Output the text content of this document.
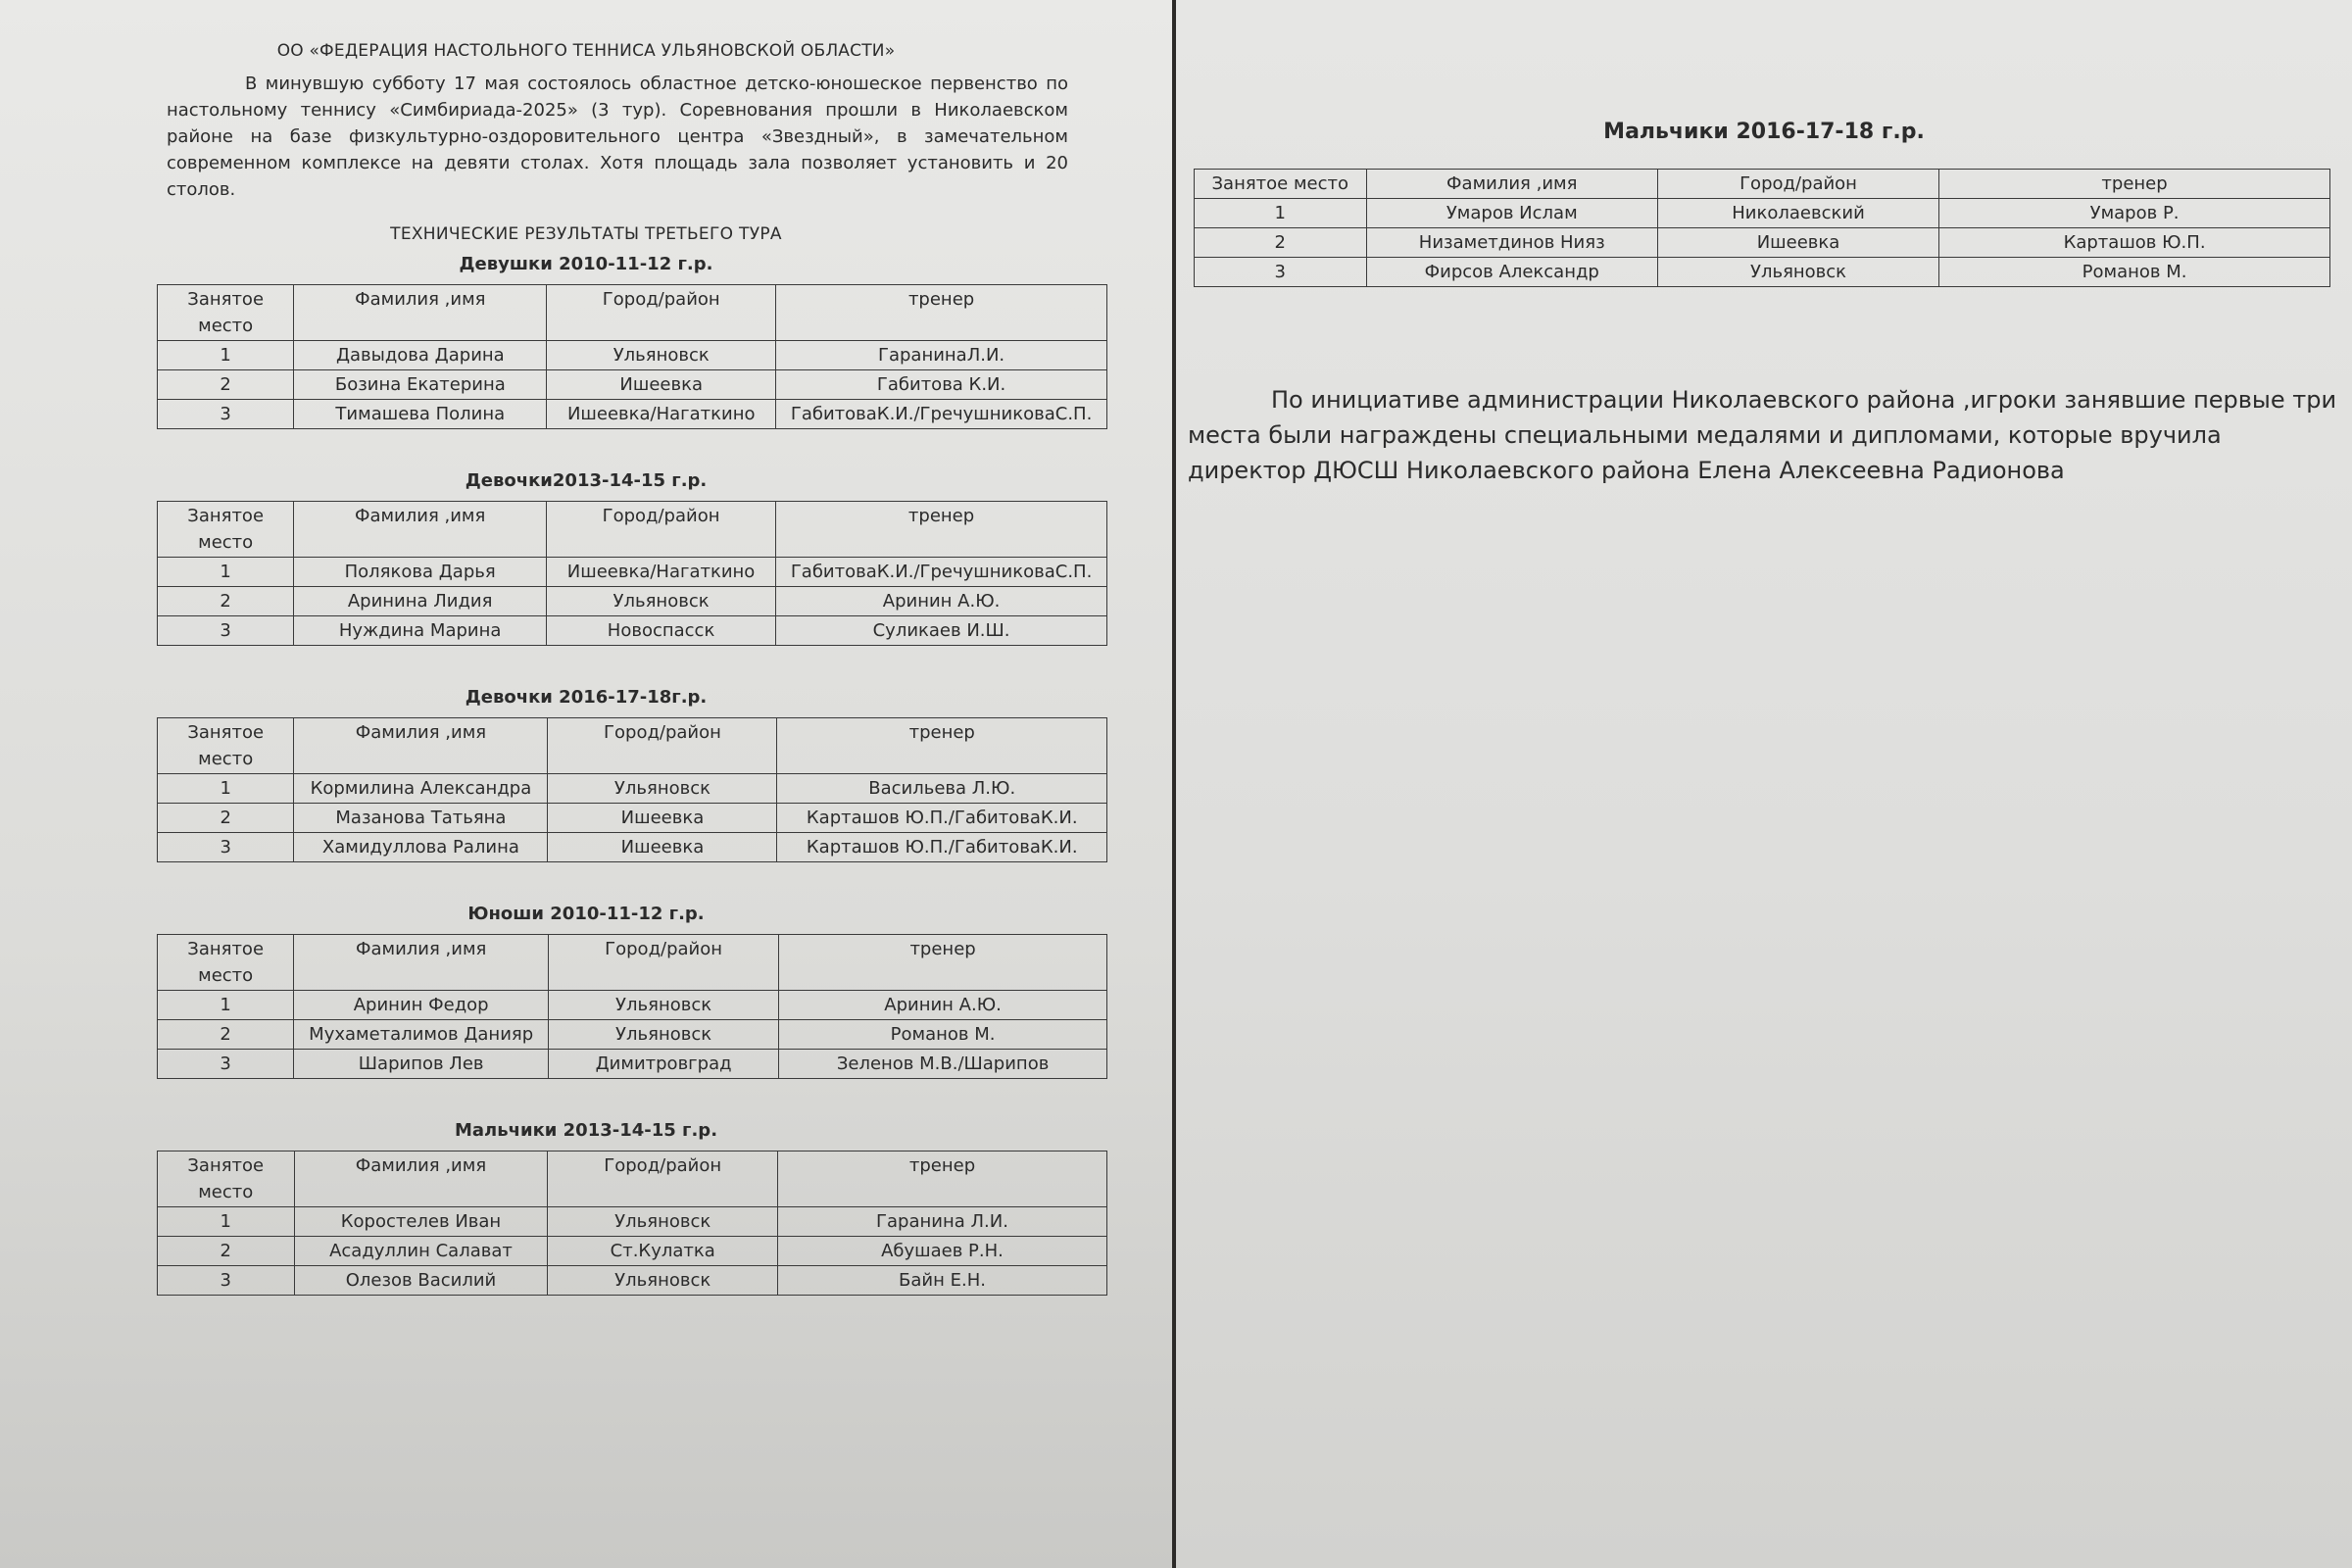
ОО «ФЕДЕРАЦИЯ НАСТОЛЬНОГО ТЕННИСА УЛЬЯНОВСКОЙ ОБЛАСТИ»
В минувшую субботу 17 мая состоялось областное детско-юношеское первенство по настольному теннису «Симбириада-2025» (3 тур). Соревнования прошли в Николаевском районе на базе физкультурно-оздоровительного центра «Звездный», в замечательном современном комплексе на девяти столах. Хотя площадь зала позволяет установить и 20 столов.
ТЕХНИЧЕСКИЕ РЕЗУЛЬТАТЫ ТРЕТЬЕГО ТУРА
Девушки 2010-11-12 г.р.
Занятое место	Фамилия ,имя	Город/район	тренер
1	Давыдова Дарина	Ульяновск	ГаранинаЛ.И.
2	Бозина Екатерина	Ишеевка	Габитова К.И.
3	Тимашева Полина	Ишеевка/Нагаткино	ГабитоваК.И./ГречушниковаС.П.
Девочки2013-14-15 г.р.
Занятое место	Фамилия ,имя	Город/район	тренер
1	Полякова Дарья	Ишеевка/Нагаткино	ГабитоваК.И./ГречушниковаС.П.
2	Аринина Лидия	Ульяновск	Аринин А.Ю.
3	Нуждина Марина	Новоспасск	Суликаев И.Ш.
Девочки 2016-17-18г.р.
Занятое место	Фамилия ,имя	Город/район	тренер
1	Кормилина Александра	Ульяновск	Васильева Л.Ю.
2	Мазанова Татьяна	Ишеевка	Карташов Ю.П./ГабитоваК.И.
3	Хамидуллова Ралина	Ишеевка	Карташов Ю.П./ГабитоваК.И.
Юноши 2010-11-12 г.р.
Занятое место	Фамилия ,имя	Город/район	тренер
1	Аринин Федор	Ульяновск	Аринин А.Ю.
2	Мухаметалимов Данияр	Ульяновск	Романов М.
3	Шарипов Лев	Димитровград	Зеленов М.В./Шарипов
Мальчики 2013-14-15 г.р.
Занятое место	Фамилия ,имя	Город/район	тренер
1	Коростелев Иван	Ульяновск	Гаранина Л.И.
2	Асадуллин Салават	Ст.Кулатка	Абушаев Р.Н.
3	Олезов Василий	Ульяновск	Байн Е.Н.
Мальчики 2016-17-18 г.р.
Занятое место	Фамилия ,имя	Город/район	тренер
1	Умаров Ислам	Николаевский	Умаров Р.
2	Низаметдинов Нияз	Ишеевка	Карташов Ю.П.
3	Фирсов Александр	Ульяновск	Романов М.
По инициативе администрации Николаевского района ,игроки занявшие первые три места были награждены специальными медалями и дипломами, которые вручила директор ДЮСШ Николаевского района Елена Алексеевна Радионова
